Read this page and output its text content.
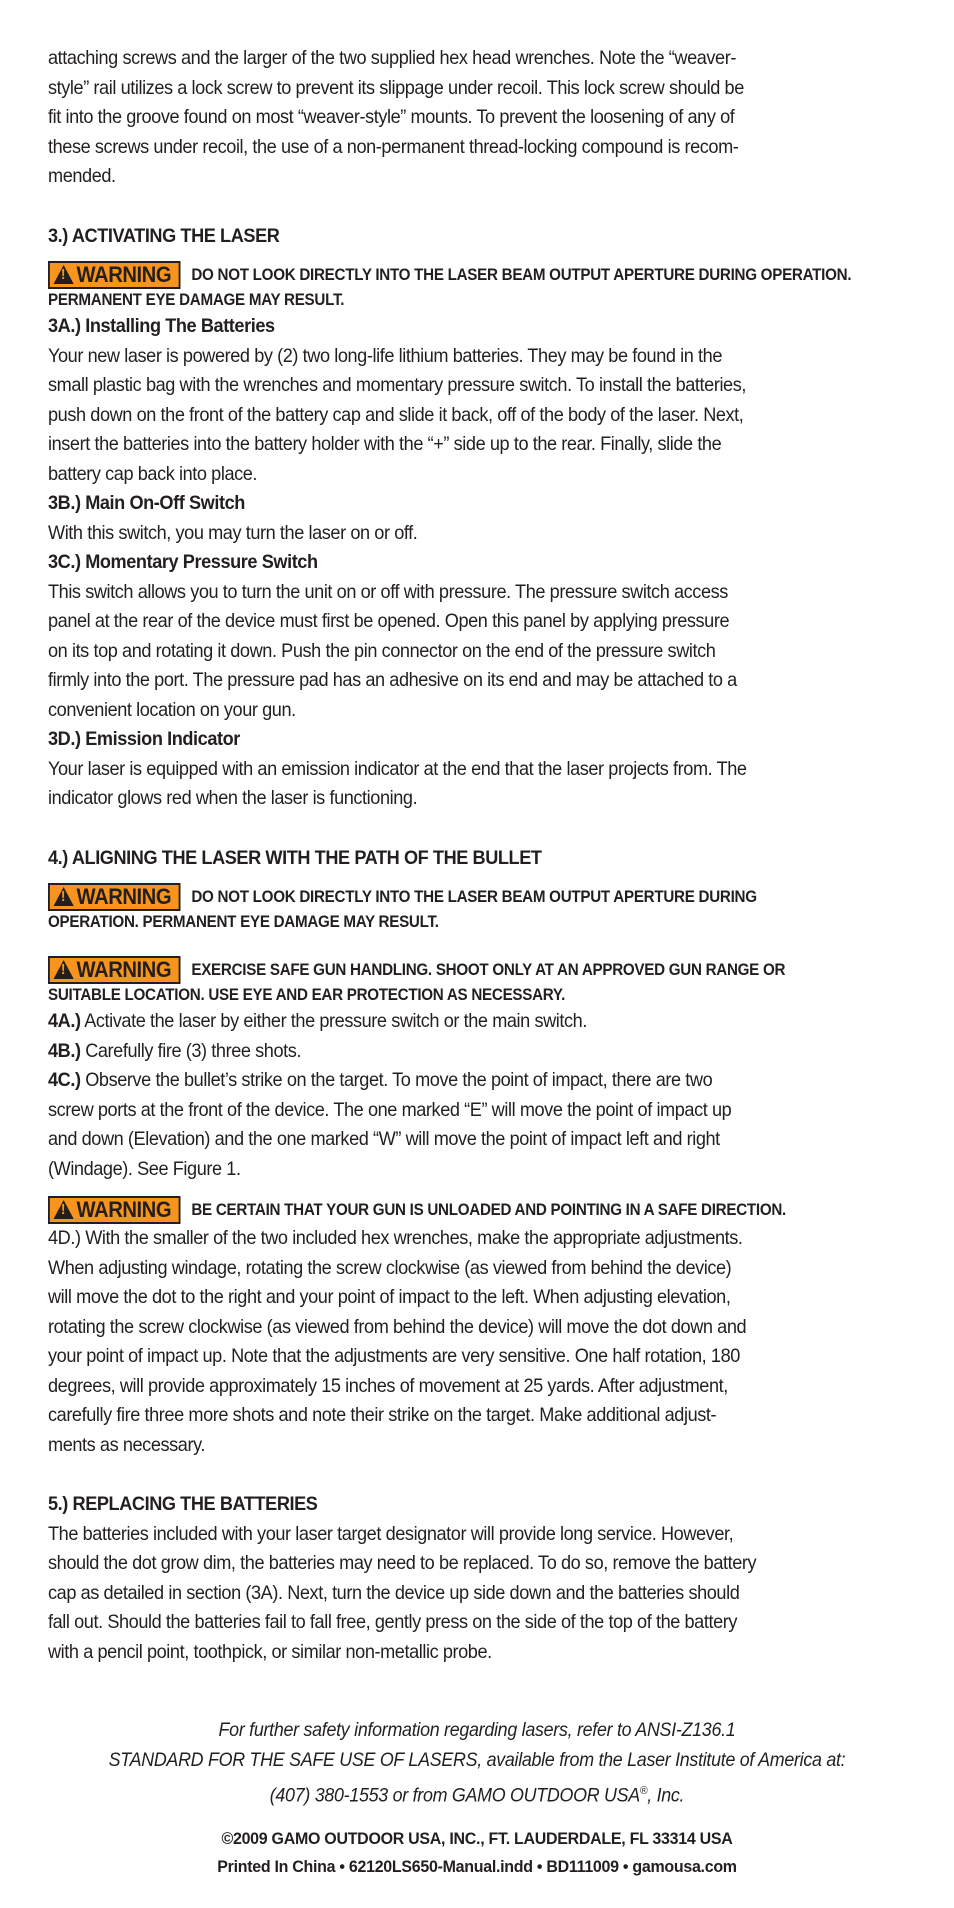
attaching screws and the larger of the two supplied hex head wrenches. Note the “weaver-

style” rail utilizes a lock screw to prevent its slippage under recoil. This lock screw should be

fit into the groove found on most “weaver-style” mounts. To prevent the loosening of any of

these screws under recoil, the use of a non-permanent thread-locking compound is recom-

mended.

3.) ACTIVATING THE LASER

!WARNING DO NOT LOOK DIRECTLY INTO THE LASER BEAM OUTPUT APERTURE DURING OPERATION.

PERMANENT EYE DAMAGE MAY RESULT.

3A.) Installing The Batteries

Your new laser is powered by (2) two long-life lithium batteries. They may be found in the

small plastic bag with the wrenches and momentary pressure switch. To install the batteries,

push down on the front of the battery cap and slide it back, off of the body of the laser. Next,

insert the batteries into the battery holder with the “+” side up to the rear. Finally, slide the

battery cap back into place.

3B.) Main On-Off Switch

With this switch, you may turn the laser on or off.

3C.) Momentary Pressure Switch

This switch allows you to turn the unit on or off with pressure. The pressure switch access

panel at the rear of the device must first be opened. Open this panel by applying pressure

on its top and rotating it down. Push the pin connector on the end of the pressure switch

firmly into the port. The pressure pad has an adhesive on its end and may be attached to a

convenient location on your gun.

3D.) Emission Indicator

Your laser is equipped with an emission indicator at the end that the laser projects from. The

indicator glows red when the laser is functioning.

4.) ALIGNING THE LASER WITH THE PATH OF THE BULLET

!WARNING DO NOT LOOK DIRECTLY INTO THE LASER BEAM OUTPUT APERTURE DURING

OPERATION. PERMANENT EYE DAMAGE MAY RESULT.

!WARNING EXERCISE SAFE GUN HANDLING. SHOOT ONLY AT AN APPROVED GUN RANGE OR

SUITABLE LOCATION. USE EYE AND EAR PROTECTION AS NECESSARY.

4A.) Activate the laser by either the pressure switch or the main switch.

4B.) Carefully fire (3) three shots.

4C.) Observe the bullet’s strike on the target. To move the point of impact, there are two

screw ports at the front of the device. The one marked “E” will move the point of impact up

and down (Elevation) and the one marked “W” will move the point of impact left and right

(Windage). See Figure 1.

!WARNING BE CERTAIN THAT YOUR GUN IS UNLOADED AND POINTING IN A SAFE DIRECTION.

4D.) With the smaller of the two included hex wrenches, make the appropriate adjustments.

When adjusting windage, rotating the screw clockwise (as viewed from behind the device)

will move the dot to the right and your point of impact to the left. When adjusting elevation,

rotating the screw clockwise (as viewed from behind the device) will move the dot down and

your point of impact up. Note that the adjustments are very sensitive. One half rotation, 180

degrees, will provide approximately 15 inches of movement at 25 yards. After adjustment,

carefully fire three more shots and note their strike on the target. Make additional adjust-

ments as necessary.

5.) REPLACING THE BATTERIES

The batteries included with your laser target designator will provide long service. However,

should the dot grow dim, the batteries may need to be replaced. To do so, remove the battery

cap as detailed in section (3A). Next, turn the device up side down and the batteries should

fall out. Should the batteries fail to fall free, gently press on the side of the top of the battery

with a pencil point, toothpick, or similar non-metallic probe.

For further safety information regarding lasers, refer to ANSI-Z136.1

STANDARD FOR THE SAFE USE OF LASERS, available from the Laser Institute of America at:

(407) 380-1553 or from GAMO OUTDOOR USA®, Inc.

©2009 GAMO OUTDOOR USA, INC., FT. LAUDERDALE, FL 33314 USA

Printed In China • 62120LS650-Manual.indd • BD111009 • gamousa.com
